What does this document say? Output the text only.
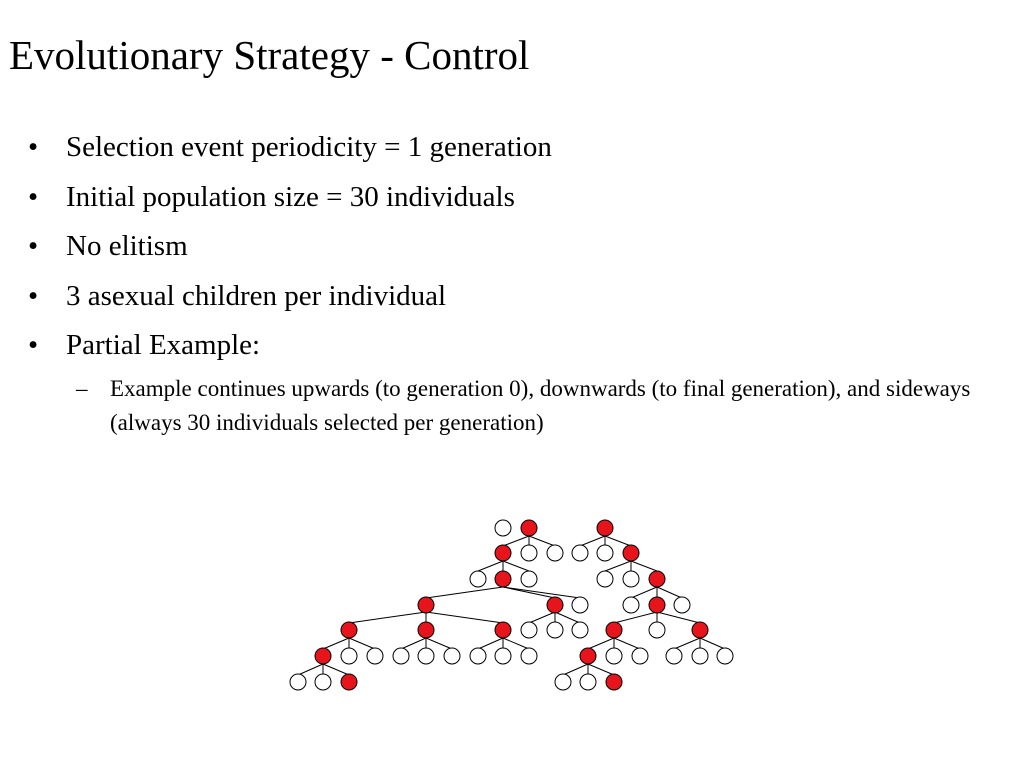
Evolutionary Strategy - Control
• Selection event periodicity = 1 generation
• Initial population size = 30 individuals
• No elitism
• 3 asexual children per individual
• Partial Example:
– Example continues upwards (to generation 0), downwards (to final generation), and sideways (always 30 individuals selected per generation)
